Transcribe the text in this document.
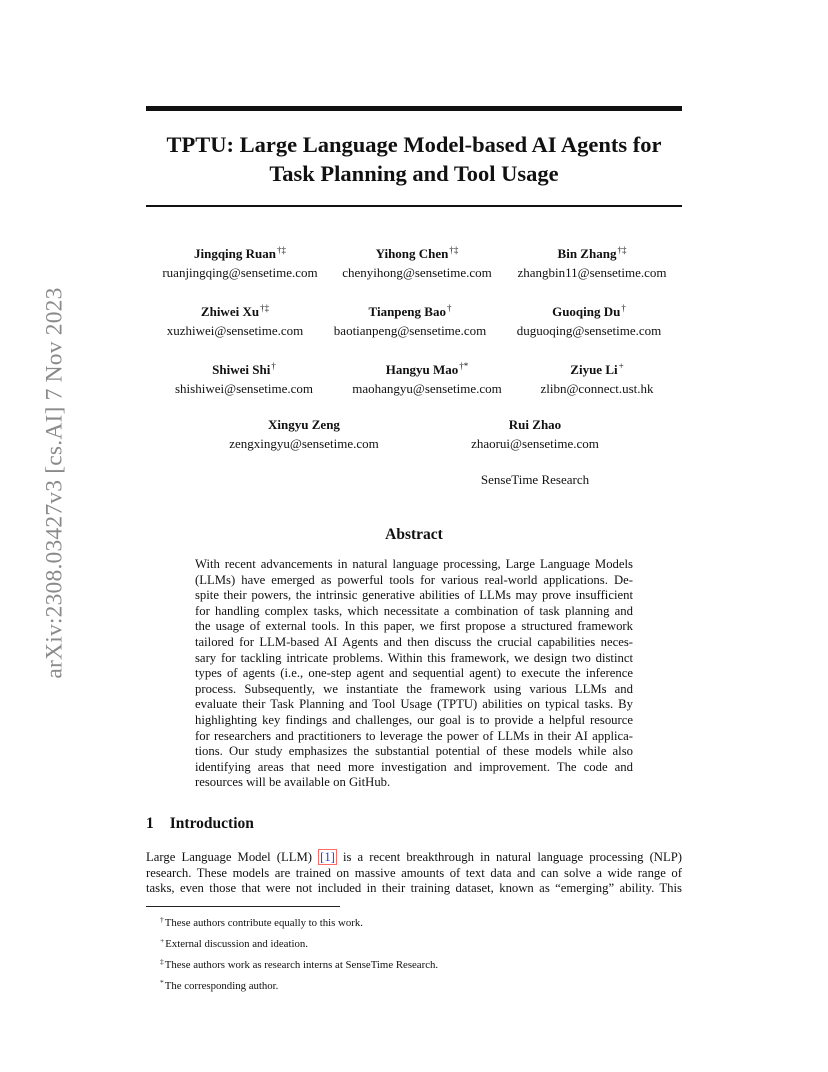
arXiv:2308.03427v3 [cs.AI] 7 Nov 2023
TPTU: Large Language Model-based AI Agents for
Task Planning and Tool Usage
Jingqing Ruan†‡
ruanjingqing@sensetime.com
Yihong Chen†‡
chenyihong@sensetime.com
Bin Zhang†‡
zhangbin11@sensetime.com
Zhiwei Xu†‡
xuzhiwei@sensetime.com
Tianpeng Bao†
baotianpeng@sensetime.com
Guoqing Du†
duguoqing@sensetime.com
Shiwei Shi†
shishiwei@sensetime.com
Hangyu Mao†*
maohangyu@sensetime.com
Ziyue Li+
zlibn@connect.ust.hk
Xingyu Zeng
zengxingyu@sensetime.com
Rui Zhao
zhaorui@sensetime.com
SenseTime Research
Abstract
With recent advancements in natural language processing, Large Language Models
(LLMs) have emerged as powerful tools for various real-world applications. De-
spite their powers, the intrinsic generative abilities of LLMs may prove insufficient
for handling complex tasks, which necessitate a combination of task planning and
the usage of external tools. In this paper, we first propose a structured framework
tailored for LLM-based AI Agents and then discuss the crucial capabilities neces-
sary for tackling intricate problems. Within this framework, we design two distinct
types of agents (i.e., one-step agent and sequential agent) to execute the inference
process. Subsequently, we instantiate the framework using various LLMs and
evaluate their Task Planning and Tool Usage (TPTU) abilities on typical tasks. By
highlighting key findings and challenges, our goal is to provide a helpful resource
for researchers and practitioners to leverage the power of LLMs in their AI applica-
tions. Our study emphasizes the substantial potential of these models while also
identifying areas that need more investigation and improvement. The code and
resources will be available on GitHub.
1 Introduction
Large Language Model (LLM) [1] is a recent breakthrough in natural language processing (NLP)
research. These models are trained on massive amounts of text data and can solve a wide range of
tasks, even those that were not included in their training dataset, known as “emerging” ability. This
†These authors contribute equally to this work.
+External discussion and ideation.
‡These authors work as research interns at SenseTime Research.
*The corresponding author.
